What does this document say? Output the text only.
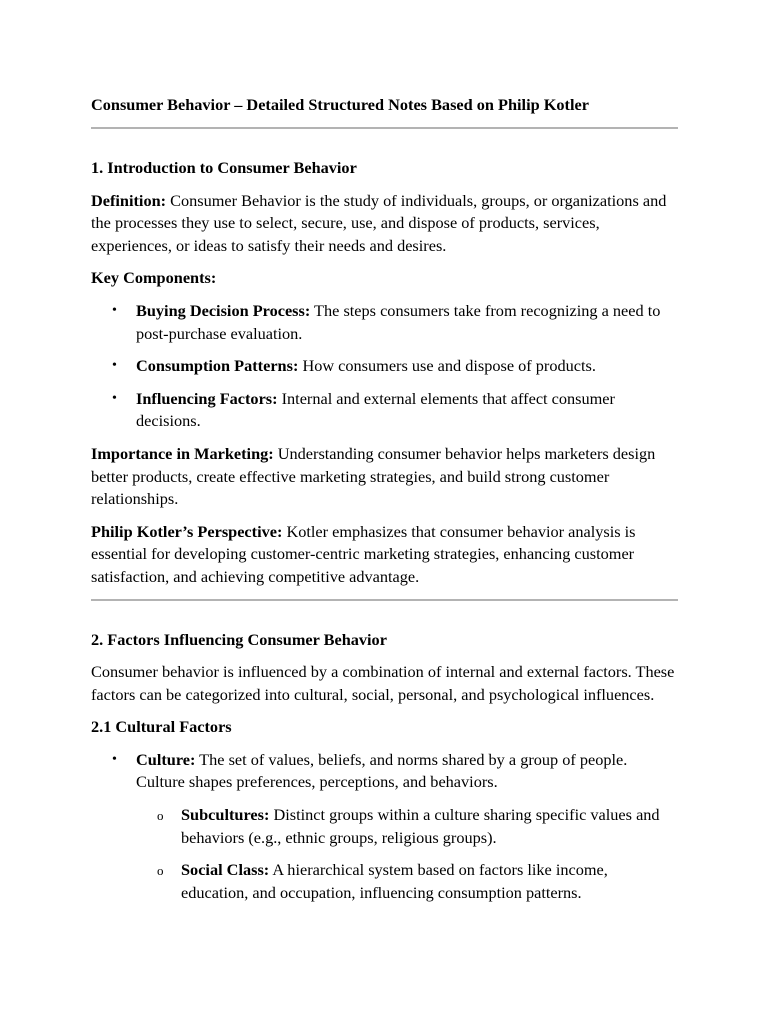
Consumer Behavior – Detailed Structured Notes Based on Philip Kotler

1. Introduction to Consumer Behavior

Definition: Consumer Behavior is the study of individuals, groups, or organizations and the processes they use to select, secure, use, and dispose of products, services, experiences, or ideas to satisfy their needs and desires.

Key Components:

• Buying Decision Process: The steps consumers take from recognizing a need to post-purchase evaluation.
• Consumption Patterns: How consumers use and dispose of products.
• Influencing Factors: Internal and external elements that affect consumer decisions.

Importance in Marketing: Understanding consumer behavior helps marketers design better products, create effective marketing strategies, and build strong customer relationships.

Philip Kotler’s Perspective: Kotler emphasizes that consumer behavior analysis is essential for developing customer-centric marketing strategies, enhancing customer satisfaction, and achieving competitive advantage.

2. Factors Influencing Consumer Behavior

Consumer behavior is influenced by a combination of internal and external factors. These factors can be categorized into cultural, social, personal, and psychological influences.

2.1 Cultural Factors
• Culture: The set of values, beliefs, and norms shared by a group of people. Culture shapes preferences, perceptions, and behaviors.
o Subcultures: Distinct groups within a culture sharing specific values and behaviors (e.g., ethnic groups, religious groups).
o Social Class: A hierarchical system based on factors like income, education, and occupation, influencing consumption patterns.
